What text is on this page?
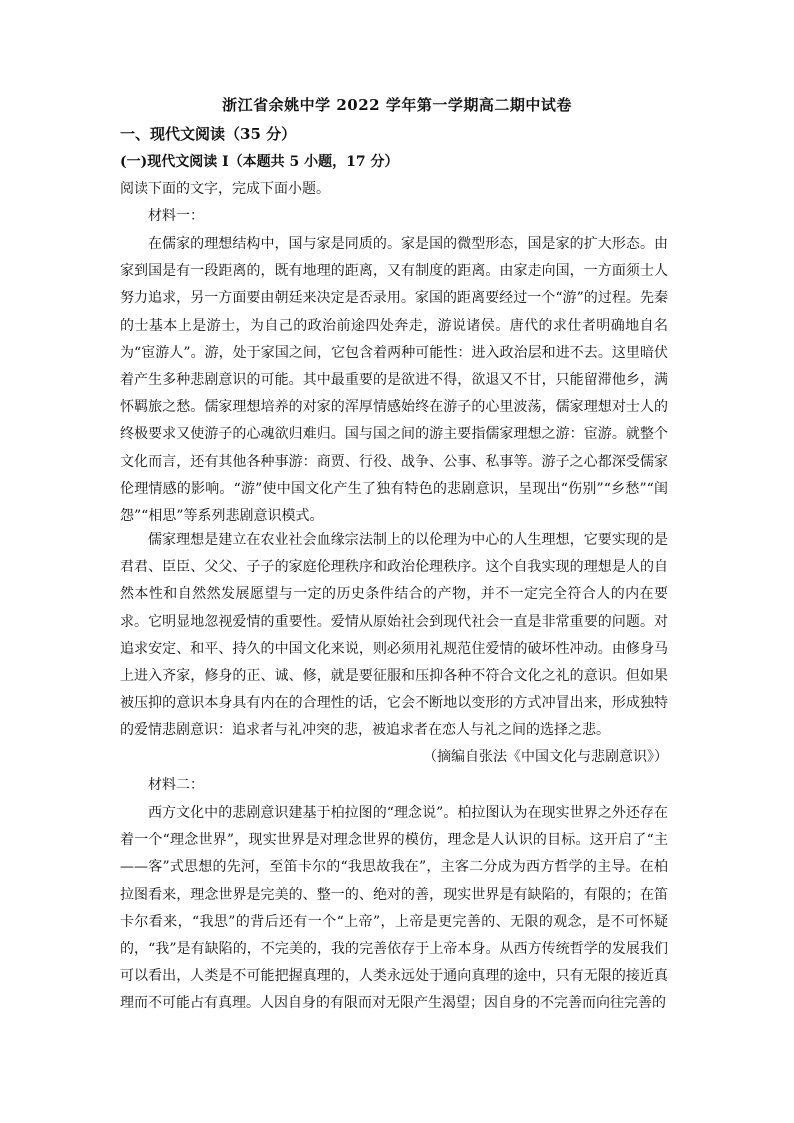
浙江省余姚中学 2022 学年第一学期高二期中试卷
一、现代文阅读（35 分）
(一)现代文阅读 I（本题共 5 小题，17 分）
阅读下面的文字，完成下面小题。
材料一：

在儒家的理想结构中，国与家是同质的。家是国的微型形态，国是家的扩大形态。由家到国是有一段距离的，既有地理的距离，又有制度的距离。由家走向国，一方面须士人努力追求，另一方面要由朝廷来决定是否录用。家国的距离要经过一个“游”的过程。先秦的士基本上是游士，为自己的政治前途四处奔走，游说诸侯。唐代的求仕者明确地自名为“宦游人”。游，处于家国之间，它包含着两种可能性：进入政治层和进不去。这里暗伏着产生多种悲剧意识的可能。其中最重要的是欲进不得，欲退又不甘，只能留滞他乡，满怀羁旅之愁。儒家理想培养的对家的浑厚情感始终在游子的心里波荡，儒家理想对士人的终极要求又使游子的心魂欲归难归。国与国之间的游主要指儒家理想之游：宦游。就整个文化而言，还有其他各种事游：商贾、行役、战争、公事、私事等。游子之心都深受儒家伦理情感的影响。“游”使中国文化产生了独有特色的悲剧意识，呈现出“伤别”“乡愁”“闺怨”“相思”等系列悲剧意识模式。

儒家理想是建立在农业社会血缘宗法制上的以伦理为中心的人生理想，它要实现的是君君、臣臣、父父、子子的家庭伦理秩序和政治伦理秩序。这个自我实现的理想是人的自然本性和自然然发展愿望与一定的历史条件结合的产物，并不一定完全符合人的内在要求。它明显地忽视爱情的重要性。爱情从原始社会到现代社会一直是非常重要的问题。对追求安定、和平、持久的中国文化来说，则必须用礼规范住爱情的破坏性冲动。由修身马上进入齐家，修身的正、诚、修，就是要征服和压抑各种不符合文化之礼的意识。但如果被压抑的意识本身具有内在的合理性的话，它会不断地以变形的方式冲冒出来，形成独特的爱情悲剧意识：追求者与礼冲突的悲，被追求者在恋人与礼之间的选择之悲。

（摘编自张法《中国文化与悲剧意识》）
材料二：

西方文化中的悲剧意识建基于柏拉图的“理念说”。柏拉图认为在现实世界之外还存在着一个“理念世界”，现实世界是对理念世界的模仿，理念是人认识的目标。这开启了“主——客”式思想的先河，至笛卡尔的“我思故我在”，主客二分成为西方哲学的主导。在柏拉图看来，理念世界是完美的、整一的、绝对的善，现实世界是有缺陷的，有限的；在笛卡尔看来，“我思”的背后还有一个“上帝”，上帝是更完善的、无限的观念，是不可怀疑的，“我”是有缺陷的，不完美的，我的完善依存于上帝本身。从西方传统哲学的发展我们可以看出，人类是不可能把握真理的，人类永远处于通向真理的途中，只有无限的接近真理而不可能占有真理。人因自身的有限而对无限产生渴望；因自身的不完善而向往完善的
